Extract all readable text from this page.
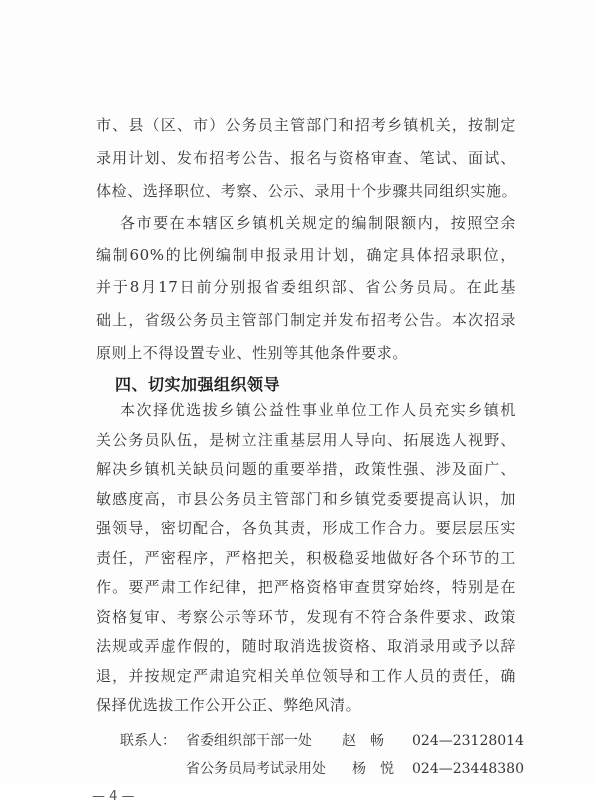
市、县（区、市）公务员主管部门和招考乡镇机关，按制定
录用计划、发布招考公告、报名与资格审查、笔试、面试、
体检、选择职位、考察、公示、录用十个步骤共同组织实施。
各市要在本辖区乡镇机关规定的编制限额内，按照空余
编制60%的比例编制申报录用计划，确定具体招录职位，
并于8月17日前分别报省委组织部、省公务员局。在此基
础上，省级公务员主管部门制定并发布招考公告。本次招录
原则上不得设置专业、性别等其他条件要求。
四、切实加强组织领导
本次择优选拔乡镇公益性事业单位工作人员充实乡镇机
关公务员队伍，是树立注重基层用人导向、拓展选人视野、
解决乡镇机关缺员问题的重要举措，政策性强、涉及面广、
敏感度高，市县公务员主管部门和乡镇党委要提高认识，加
强领导，密切配合，各负其责，形成工作合力。要层层压实
责任，严密程序，严格把关，积极稳妥地做好各个环节的工
作。要严肃工作纪律，把严格资格审查贯穿始终，特别是在
资格复审、考察公示等环节，发现有不符合条件要求、政策
法规或弄虚作假的，随时取消选拔资格、取消录用或予以辞
退，并按规定严肃追究相关单位领导和工作人员的责任，确
保择优选拔工作公开公正、弊绝风清。
— 4 —
联系人： 省委组织部干部一处 赵　畅 024—23128014
省公务员局考试录用处 杨　悦 024—23448380
